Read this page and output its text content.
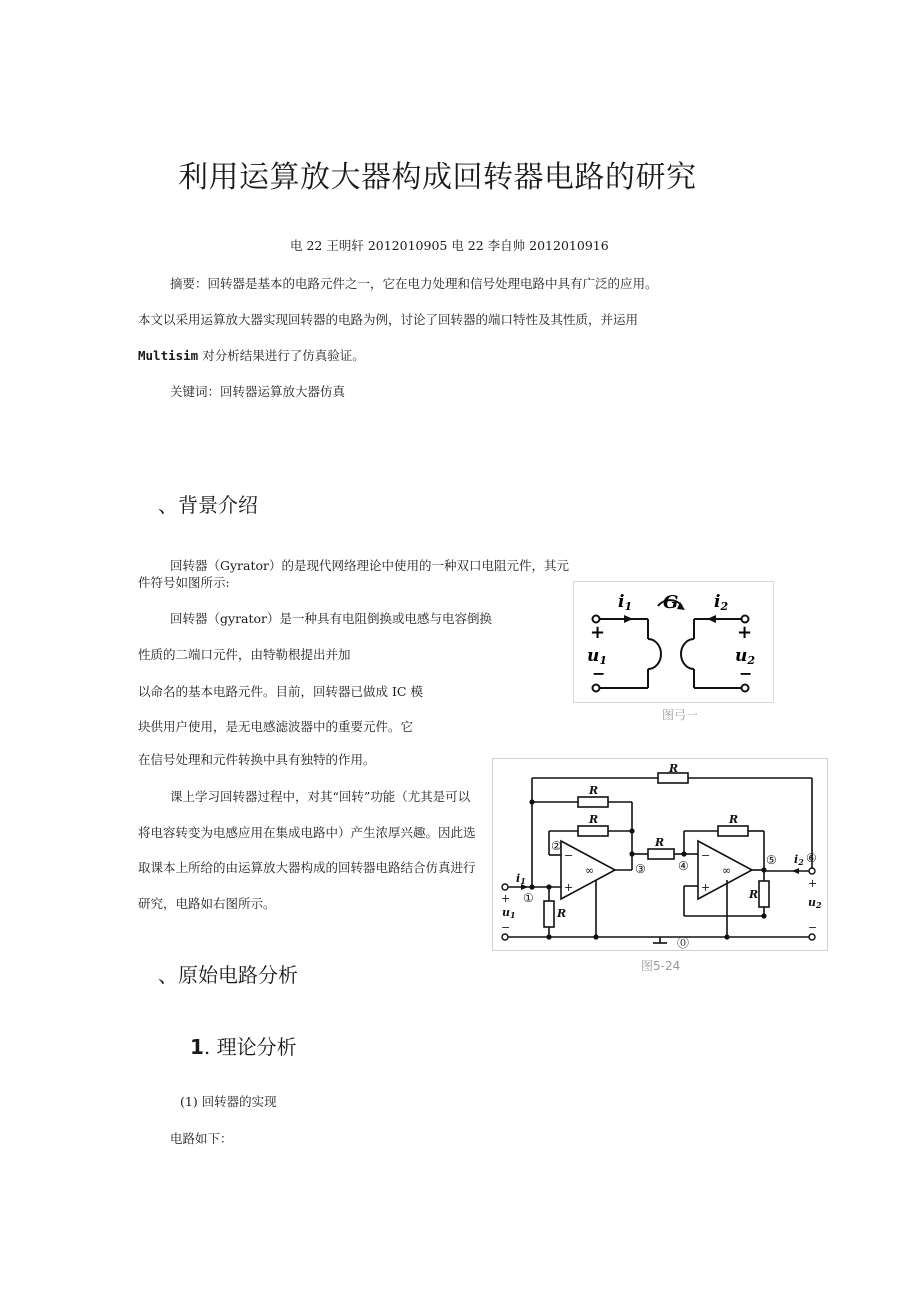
利用运算放大器构成回转器电路的研究
电 22 王明轩 2012010905 电 22 李自帅 2012010916
摘要：回转器是基本的电路元件之一，它在电力处理和信号处理电路中具有广泛的应用。
本文以采用运算放大器实现回转器的电路为例，讨论了回转器的端口特性及其性质，并运用
Multisim 对分析结果进行了仿真验证。
关键词：回转器运算放大器仿真
、背景介绍
回转器（Gyrator）的是现代网络理论中使用的一种双口电阻元件，其元
件符号如图所示:
回转器（gyrator）是一种具有电阻倒换或电感与电容倒换
性质的二端口元件，由特勒根提出并加
以命名的基本电路元件。目前，回转器已做成 IC 模
块供用户使用，是无电感滤波器中的重要元件。它
在信号处理和元件转换中具有独特的作用。
课上学习回转器过程中，对其“回转”功能（尤其是可以
将电容转变为电感应用在集成电路中）产生浓厚兴趣。因此选
取课本上所给的由运算放大器构成的回转器电路结合仿真进行
研究，电路如右图所示。
i1	i2
G
+	+
u1	u2
−	−
图弓一
R
R
R
R
R
R
R
i1
i2
u1
u2
①
②
③	④	⑤ ⑥
⓪
∞	∞
−
+
−
+
+
+
−	−
图5-24
、原始电路分析
1. 理论分析
(1) 回转器的实现
电路如下：
